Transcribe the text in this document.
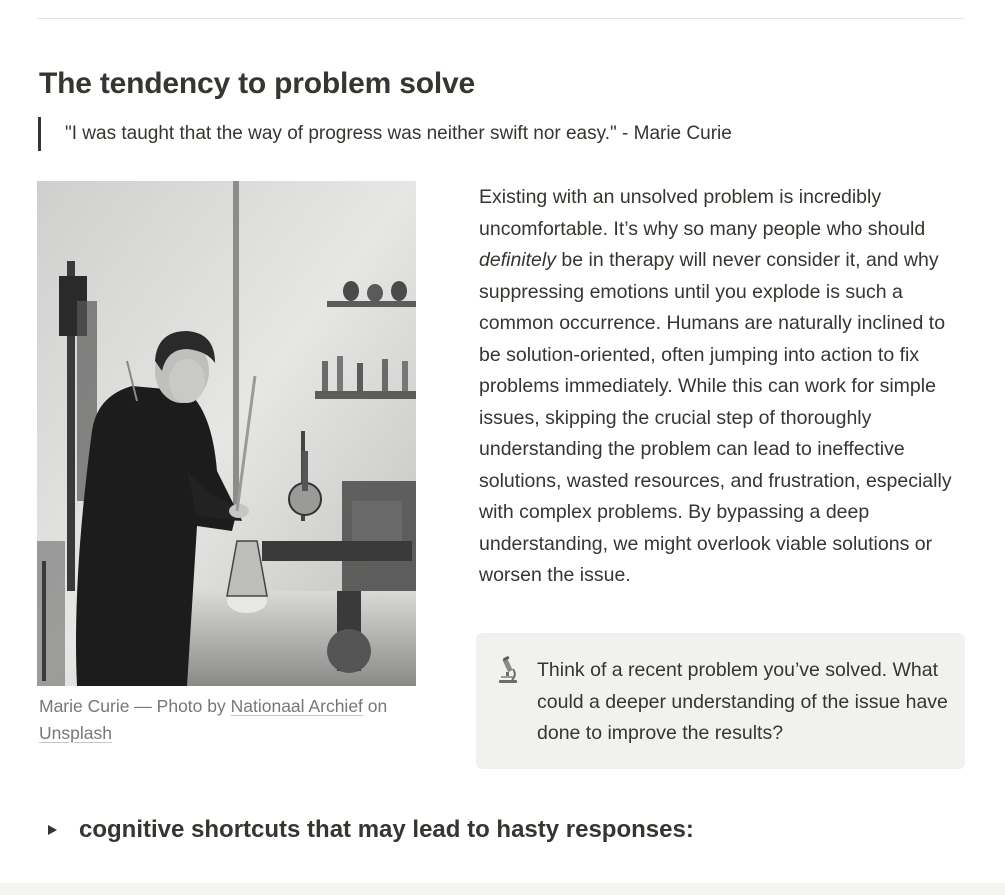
The tendency to problem solve
"I was taught that the way of progress was neither swift nor easy." - Marie Curie
Marie Curie — Photo by Nationaal Archief on
Unsplash

Existing with an unsolved problem is incredibly uncomfortable. It’s why so many people who should definitely be in therapy will never consider it, and why suppressing emotions until you explode is such a common occurrence. Humans are naturally inclined to be solution-oriented, often jumping into action to fix problems immediately. While this can work for simple issues, skipping the crucial step of thoroughly understanding the problem can lead to ineffective solutions, wasted resources, and frustration, especially with complex problems. By bypassing a deep understanding, we might overlook viable solutions or worsen the issue.

Think of a recent problem you’ve solved. What could a deeper understanding of the issue have done to improve the results?
cognitive shortcuts that may lead to hasty responses:
